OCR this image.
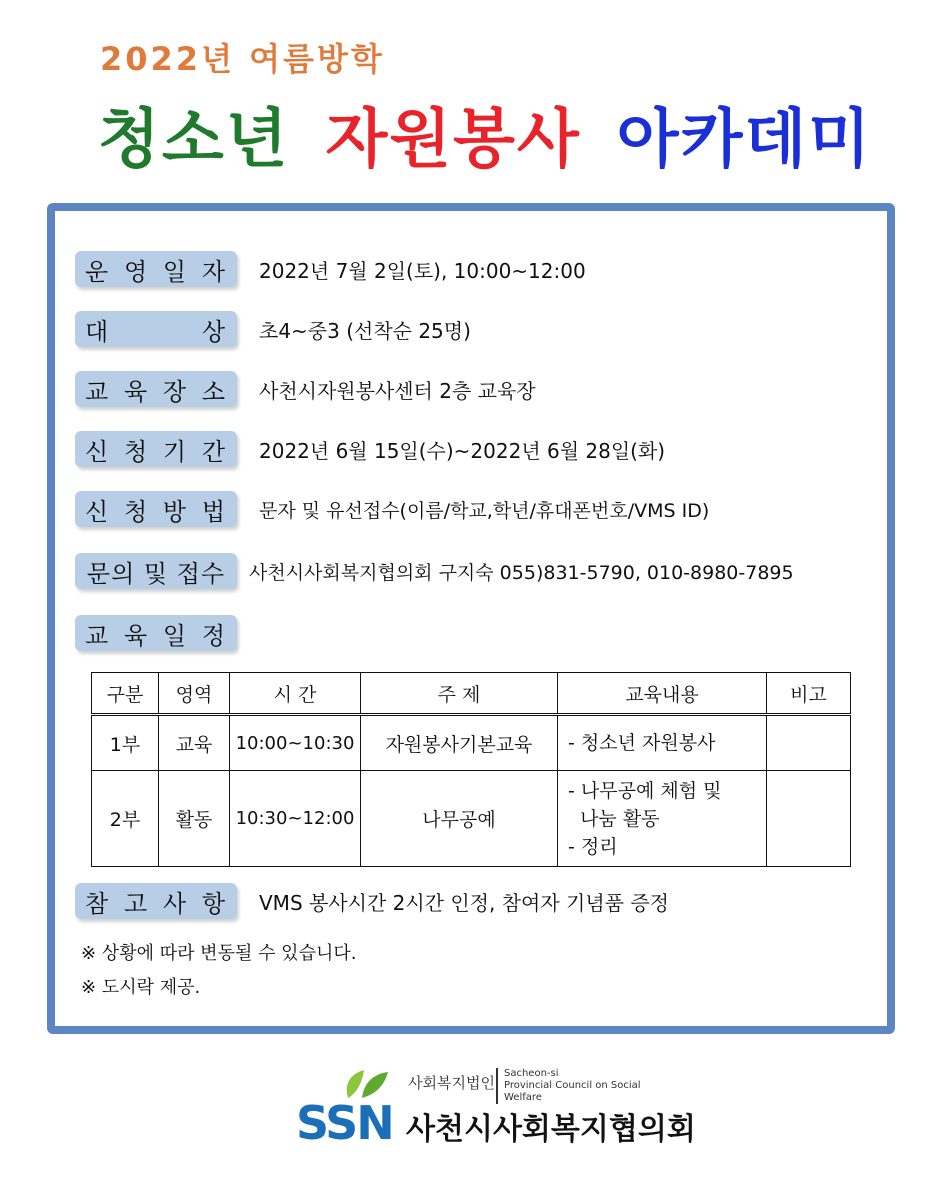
2022년 여름방학
청소년 자원봉사 아카데미
운 영 일 자 2022년 7월 2일(토), 10:00~12:00
대	상 초4~중3 (선착순 25명)
교 육 장 소 사천시자원봉사센터 2층 교육장
신 청 기 간 2022년 6월 15일(수)~2022년 6월 28일(화)
신 청 방 법 문자 및 유선접수(이름/학교,학년/휴대폰번호/VMS ID)
문의 및 접수 사천시사회복지협의회 구지숙 055)831-5790, 010-8980-7895
교 육 일 정
구분	영역	시 간	주 제	교육내용	비고
1부	교육	10:00~10:30	자원봉사기본교육	- 청소년 자원봉사	

2부	활동	10:30~12:00	나무공예	- 나무공예 체험 및
나눔 활동
- 정리	

참 고 사 항 VMS 봉사시간 2시간 인정, 참여자 기념품 증정
※ 상황에 따라 변동될 수 있습니다.
※ 도시락 제공.
SSN
사회복지법인
Sacheon-si
Provincial Council on Social Welfare
사천시사회복지협의회
